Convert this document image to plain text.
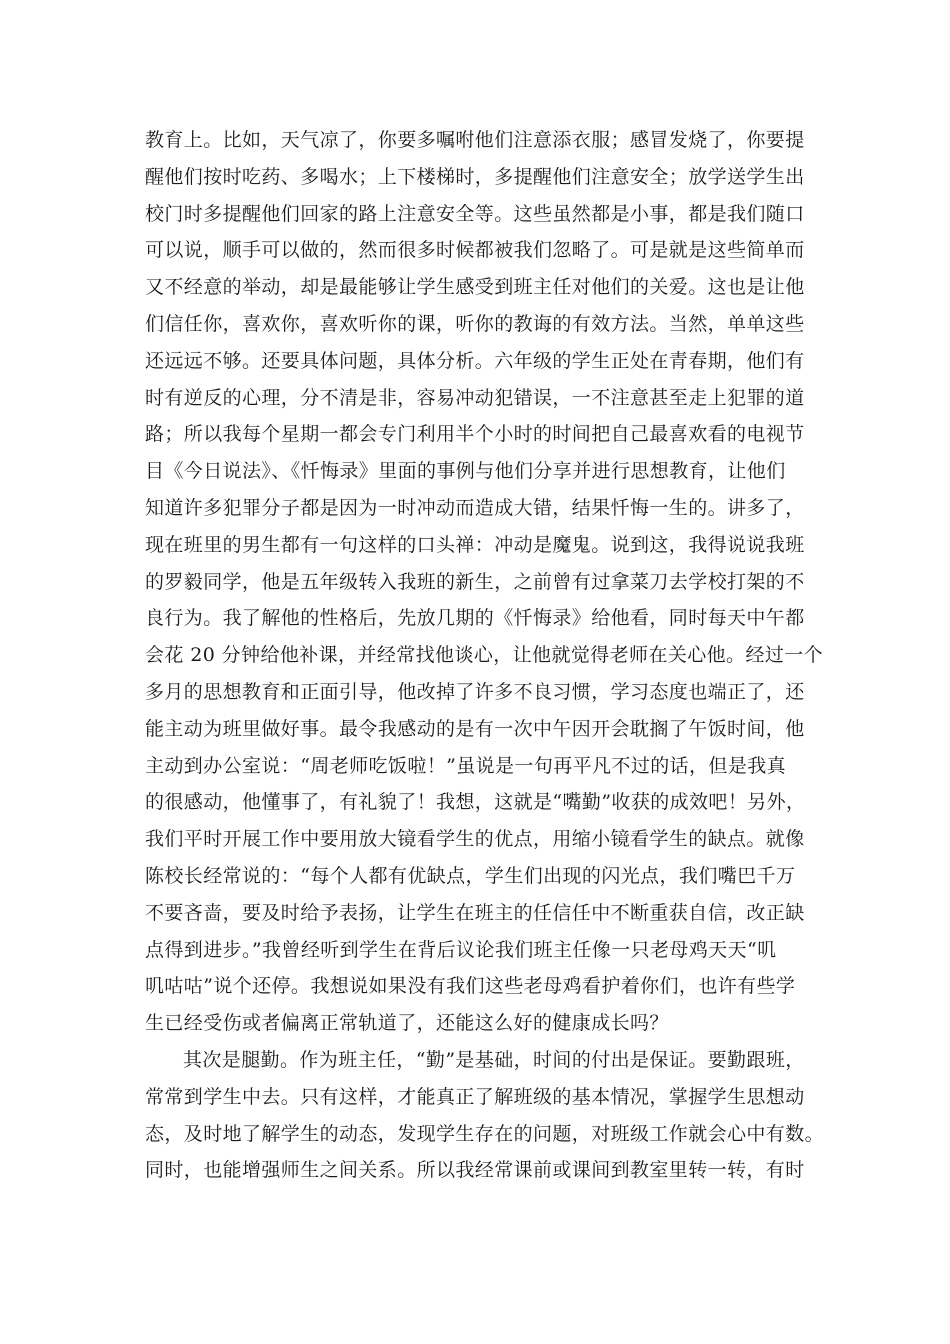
教育上。比如，天气凉了，你要多嘱咐他们注意添衣服；感冒发烧了，你要提
醒他们按时吃药、多喝水；上下楼梯时，多提醒他们注意安全；放学送学生出
校门时多提醒他们回家的路上注意安全等。这些虽然都是小事，都是我们随口
可以说，顺手可以做的，然而很多时候都被我们忽略了。可是就是这些简单而
又不经意的举动，却是最能够让学生感受到班主任对他们的关爱。这也是让他
们信任你，喜欢你，喜欢听你的课，听你的教诲的有效方法。当然，单单这些
还远远不够。还要具体问题，具体分析。六年级的学生正处在青春期，他们有
时有逆反的心理，分不清是非，容易冲动犯错误，一不注意甚至走上犯罪的道
路；所以我每个星期一都会专门利用半个小时的时间把自己最喜欢看的电视节
目《今日说法》、《忏悔录》里面的事例与他们分享并进行思想教育，让他们
知道许多犯罪分子都是因为一时冲动而造成大错，结果忏悔一生的。讲多了，
现在班里的男生都有一句这样的口头禅：冲动是魔鬼。说到这，我得说说我班
的罗毅同学，他是五年级转入我班的新生，之前曾有过拿菜刀去学校打架的不
良行为。我了解他的性格后，先放几期的《忏悔录》给他看，同时每天中午都
会花 20 分钟给他补课，并经常找他谈心，让他就觉得老师在关心他。经过一个
多月的思想教育和正面引导，他改掉了许多不良习惯，学习态度也端正了，还
能主动为班里做好事。最令我感动的是有一次中午因开会耽搁了午饭时间，他
主动到办公室说：“周老师吃饭啦！”虽说是一句再平凡不过的话，但是我真
的很感动，他懂事了，有礼貌了！我想，这就是“嘴勤”收获的成效吧！另外，
我们平时开展工作中要用放大镜看学生的优点，用缩小镜看学生的缺点。就像
陈校长经常说的：“每个人都有优缺点，学生们出现的闪光点，我们嘴巴千万
不要吝啬，要及时给予表扬，让学生在班主的任信任中不断重获自信，改正缺
点得到进步。”我曾经听到学生在背后议论我们班主任像一只老母鸡天天“叽
叽咕咕”说个还停。我想说如果没有我们这些老母鸡看护着你们，也许有些学
生已经受伤或者偏离正常轨道了，还能这么好的健康成长吗？
其次是腿勤。作为班主任，“勤”是基础，时间的付出是保证。要勤跟班，
常常到学生中去。只有这样，才能真正了解班级的基本情况，掌握学生思想动
态，及时地了解学生的动态，发现学生存在的问题，对班级工作就会心中有数。
同时，也能增强师生之间关系。所以我经常课前或课间到教室里转一转，有时
